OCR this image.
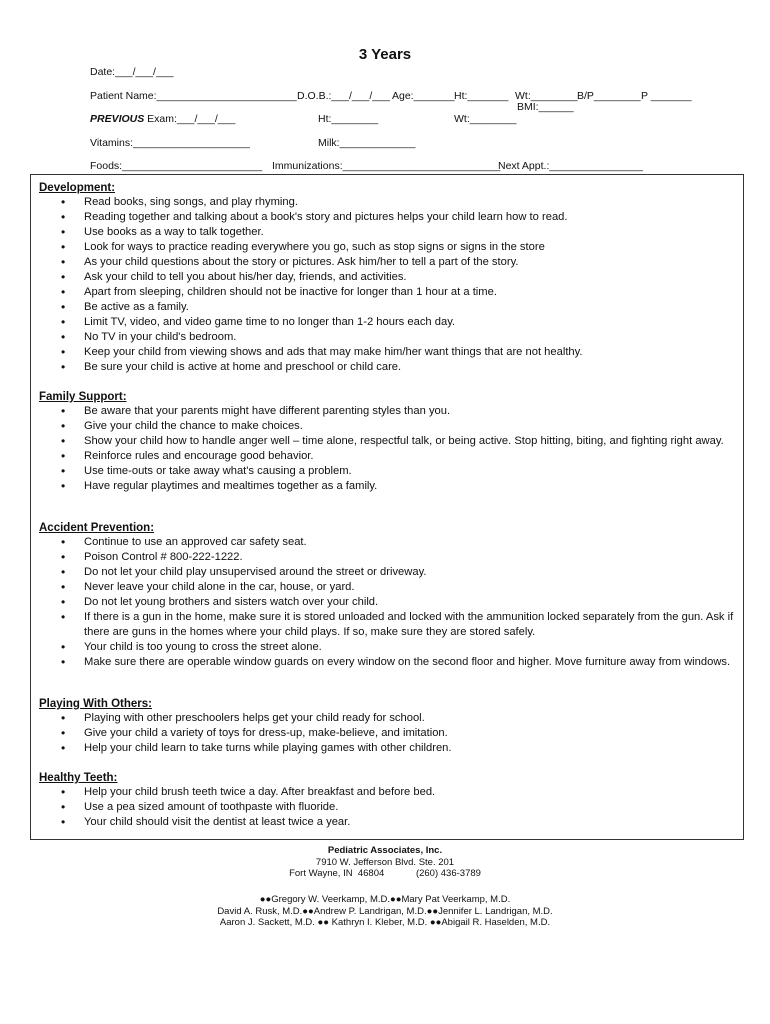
3 Years
Date:___/___/___
Patient Name:________________________ D.O.B.:___/___/___ Age:_______ Ht:_______ Wt:________ B/P________ P _______
BMI:______
PREVIOUS Exam:___/___/___	Ht:________	Wt:________
Vitamins:____________________	Milk:_____________
Foods:________________________ Immunizations:___________________________
Next Appt.:________________
Development:
• Read books, sing songs, and play rhyming.
• Reading together and talking about a book's story and pictures helps your child learn how to read.
• Use books as a way to talk together.
• Look for ways to practice reading everywhere you go, such as stop signs or signs in the store
• As your child questions about the story or pictures. Ask him/her to tell a part of the story.
• Ask your child to tell you about his/her day, friends, and activities.
• Apart from sleeping, children should not be inactive for longer than 1 hour at a time.
• Be active as a family.
• Limit TV, video, and video game time to no longer than 1-2 hours each day.
• No TV in your child's bedroom.
• Keep your child from viewing shows and ads that may make him/her want things that are not healthy.
• Be sure your child is active at home and preschool or child care.
Family Support:
• Be aware that your parents might have different parenting styles than you.
• Give your child the chance to make choices.
• Show your child how to handle anger well – time alone, respectful talk, or being active. Stop hitting, biting, and fighting right away.
• Reinforce rules and encourage good behavior.
• Use time-outs or take away what's causing a problem.
• Have regular playtimes and mealtimes together as a family.
Accident Prevention:
• Continue to use an approved car safety seat.
• Poison Control # 800-222-1222.
• Do not let your child play unsupervised around the street or driveway.
• Never leave your child alone in the car, house, or yard.
• Do not let young brothers and sisters watch over your child.
• If there is a gun in the home, make sure it is stored unloaded and locked with the ammunition locked separately from the gun. Ask if there are guns in the homes where your child plays. If so, make sure they are stored safely.
• Your child is too young to cross the street alone.
• Make sure there are operable window guards on every window on the second floor and higher. Move furniture away from windows.
Playing With Others:
• Playing with other preschoolers helps get your child ready for school.
• Give your child a variety of toys for dress-up, make-believe, and imitation.
• Help your child learn to take turns while playing games with other children.
Healthy Teeth:
• Help your child brush teeth twice a day. After breakfast and before bed.
• Use a pea sized amount of toothpaste with fluoride.
• Your child should visit the dentist at least twice a year.
Pediatric Associates, Inc.
7910 W. Jefferson Blvd. Ste. 201
Fort Wayne, IN  46804            (260) 436-3789
●●Gregory W. Veerkamp, M.D.●●Mary Pat Veerkamp, M.D.
David A. Rusk, M.D.●●Andrew P. Landrigan, M.D.●●Jennifer L. Landrigan, M.D.
Aaron J. Sackett, M.D. ●● Kathryn I. Kleber, M.D. ●●Abigail R. Haselden, M.D.
